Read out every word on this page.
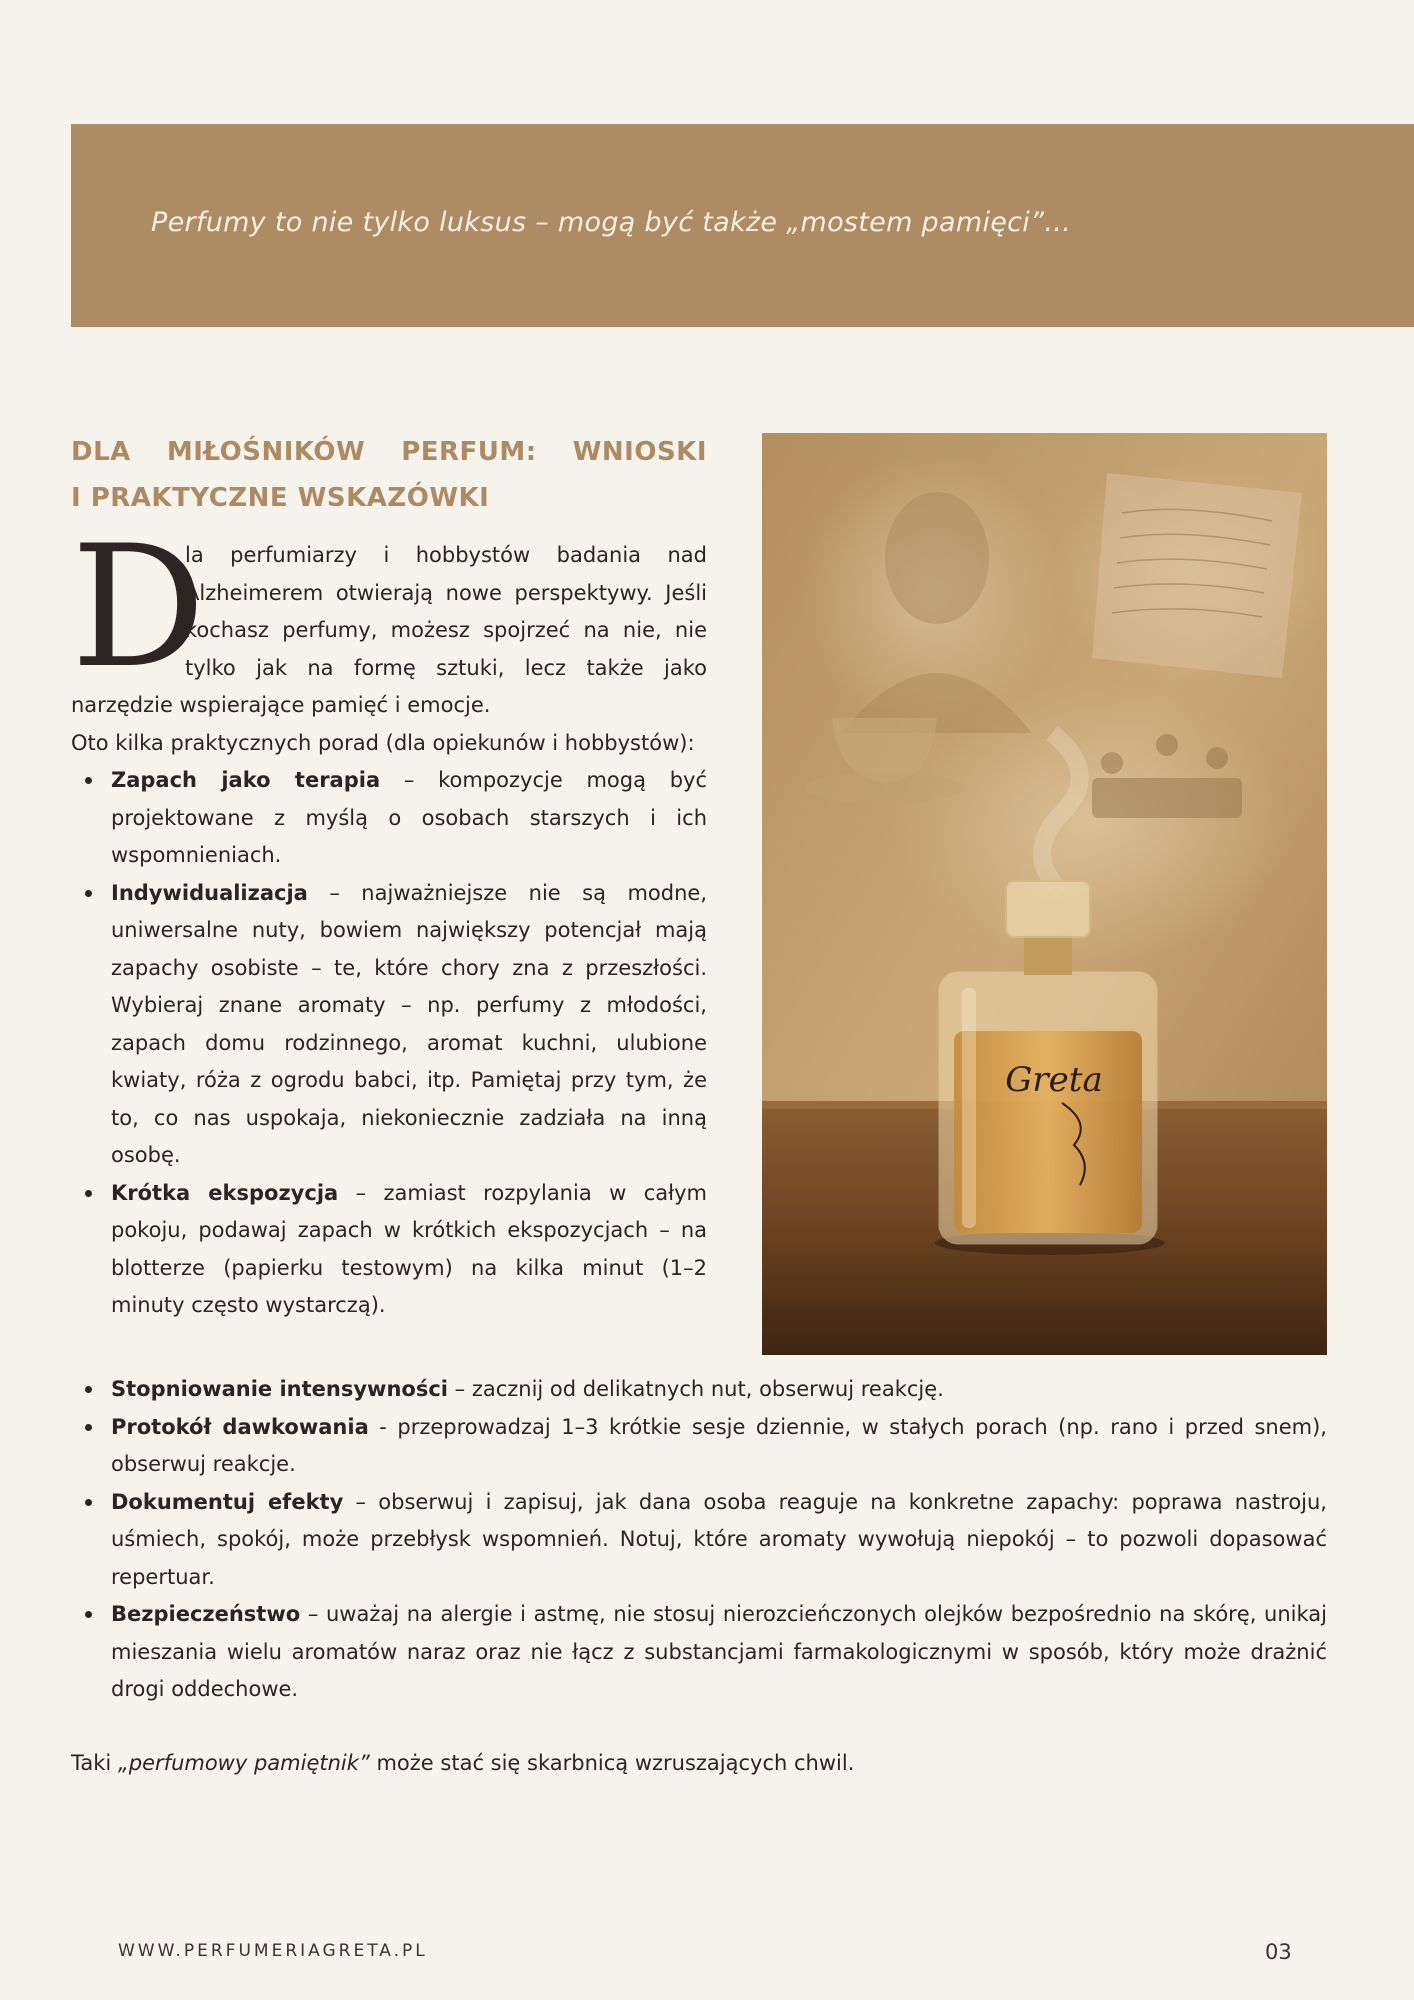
Perfumy to nie tylko luksus – mogą być także „mostem pamięci”...
DLA MIŁOŚNIKÓW PERFUM: WNIOSKI
I PRAKTYCZNE WSKAZÓWKI
D
la perfumiarzy i hobbystów badania nad Alzheimerem otwierają nowe perspektywy. Jeśli kochasz perfumy, możesz spojrzeć na nie, nie tylko jak na formę sztuki, lecz także jako narzędzie wspierające pamięć i emocje.

Oto kilka praktycznych porad (dla opiekunów i hobbystów):

Zapach jako terapia – kompozycje mogą być projektowane z myślą o osobach starszych i ich wspomnieniach.
Indywidualizacja – najważniejsze nie są modne, uniwersalne nuty, bowiem największy potencjał mają zapachy osobiste – te, które chory zna z przeszłości. Wybieraj znane aromaty – np. perfumy z młodości, zapach domu rodzinnego, aromat kuchni, ulubione kwiaty, róża z ogrodu babci, itp. Pamiętaj przy tym, że to, co nas uspokaja, niekoniecznie zadziała na inną osobę.
Krótka ekspozycja – zamiast rozpylania w całym pokoju, podawaj zapach w krótkich ekspozycjach – na blotterze (papierku testowym) na kilka minut (1–2 minuty często wystarczą).
Greta
Stopniowanie intensywności – zacznij od delikatnych nut, obserwuj reakcję.
Protokół dawkowania - przeprowadzaj 1–3 krótkie sesje dziennie, w stałych porach (np. rano i przed snem), obserwuj reakcje.
Dokumentuj efekty – obserwuj i zapisuj, jak dana osoba reaguje na konkretne zapachy: poprawa nastroju, uśmiech, spokój, może przebłysk wspomnień. Notuj, które aromaty wywołują niepokój – to pozwoli dopasować repertuar.
Bezpieczeństwo – uważaj na alergie i astmę, nie stosuj nierozcieńczonych olejków bezpośrednio na skórę, unikaj mieszania wielu aromatów naraz oraz nie łącz z substancjami farmakologicznymi w sposób, który może drażnić drogi oddechowe.

Taki „perfumowy pamiętnik” może stać się skarbnicą wzruszających chwil.

WWW.PERFUMERIAGRETA.PL	03
